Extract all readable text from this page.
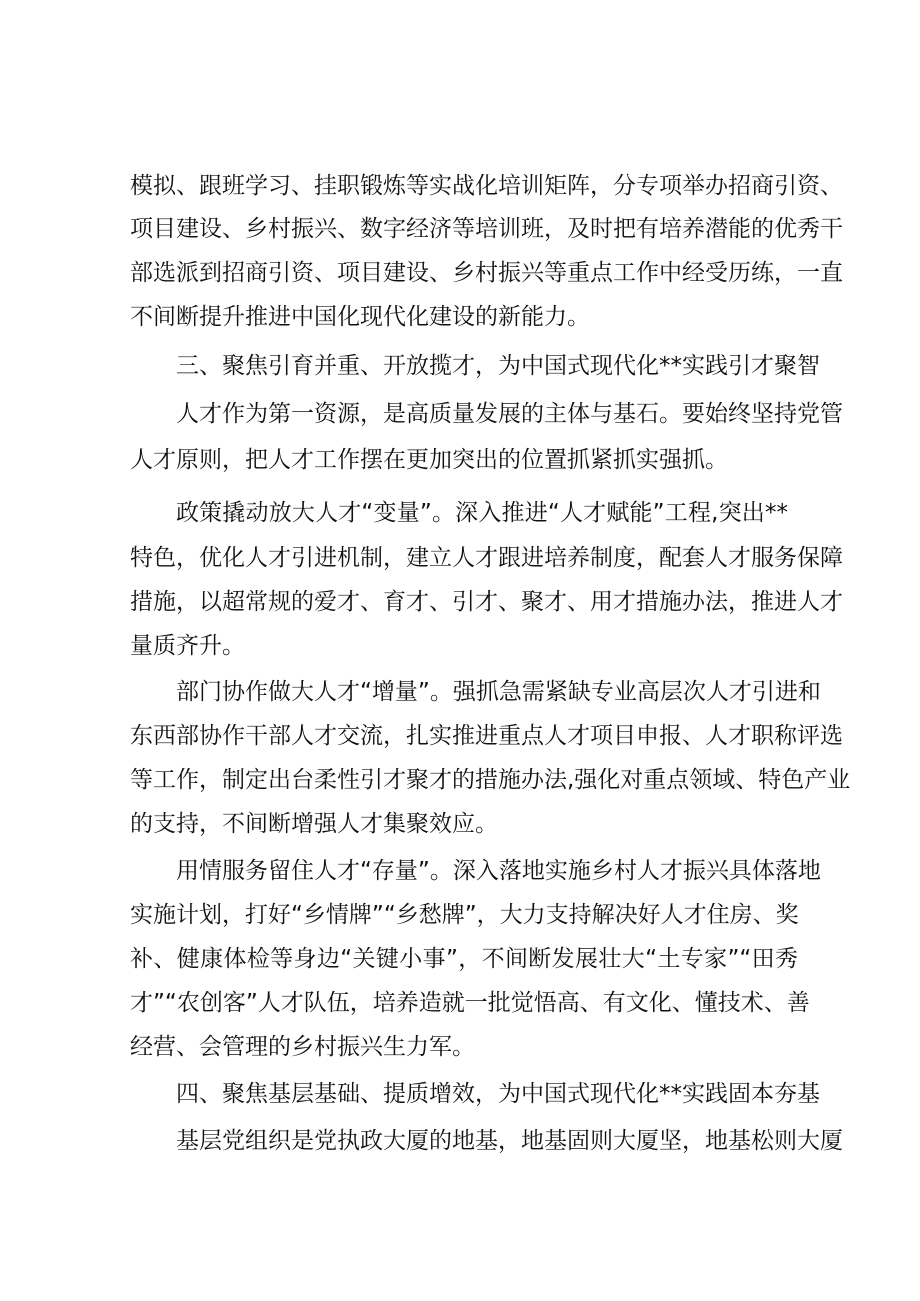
模拟、跟班学习、挂职锻炼等实战化培训矩阵，分专项举办招商引资、
项目建设、乡村振兴、数字经济等培训班，及时把有培养潜能的优秀干
部选派到招商引资、项目建设、乡村振兴等重点工作中经受历练，一直
不间断提升推进中国化现代化建设的新能力。
三、聚焦引育并重、开放揽才，为中国式现代化**实践引才聚智
人才作为第一资源，是高质量发展的主体与基石。要始终坚持党管
人才原则，把人才工作摆在更加突出的位置抓紧抓实强抓。
政策撬动放大人才“变量”。深入推进“人才赋能”工程,突出**
特色，优化人才引进机制，建立人才跟进培养制度，配套人才服务保障
措施，以超常规的爱才、育才、引才、聚才、用才措施办法，推进人才
量质齐升。
部门协作做大人才“增量”。强抓急需紧缺专业高层次人才引进和
东西部协作干部人才交流，扎实推进重点人才项目申报、人才职称评选
等工作，制定出台柔性引才聚才的措施办法,强化对重点领域、特色产业
的支持，不间断增强人才集聚效应。
用情服务留住人才“存量”。深入落地实施乡村人才振兴具体落地
实施计划，打好“乡情牌”“乡愁牌”，大力支持解决好人才住房、奖
补、健康体检等身边“关键小事”，不间断发展壮大“土专家”“田秀
才”“农创客”人才队伍，培养造就一批觉悟高、有文化、懂技术、善
经营、会管理的乡村振兴生力军。
四、聚焦基层基础、提质增效，为中国式现代化**实践固本夯基
基层党组织是党执政大厦的地基，地基固则大厦坚，地基松则大厦
